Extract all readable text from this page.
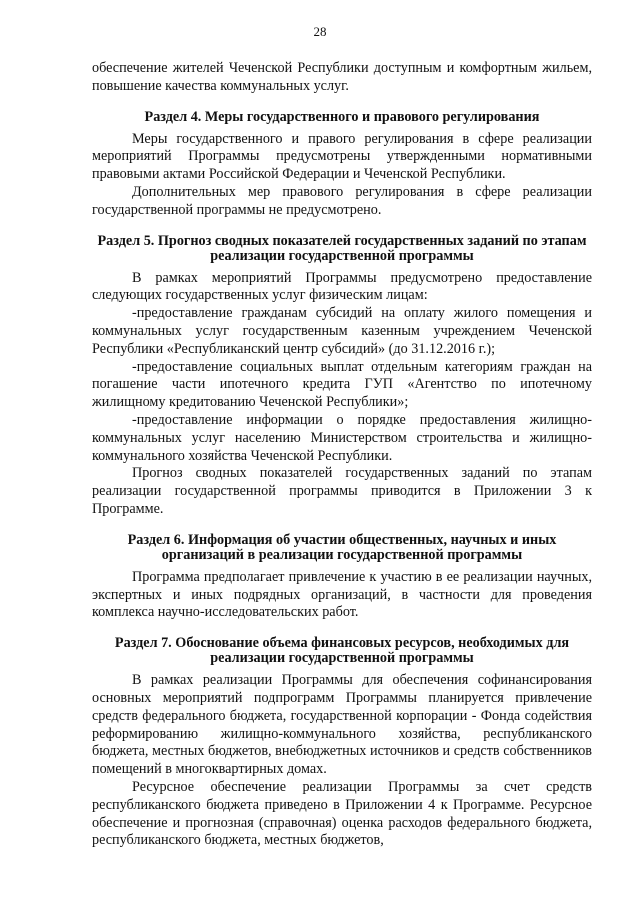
28

обеспечение жителей Чеченской Республики доступным и комфортным жильем, повышение качества коммунальных услуг.

Раздел 4. Меры государственного и правового регулирования

Меры государственного и правого регулирования в сфере реализации мероприятий Программы предусмотрены утвержденными нормативными правовыми актами Российской Федерации и Чеченской Республики.

Дополнительных мер правового регулирования в сфере реализации государственной программы не предусмотрено.

Раздел 5. Прогноз сводных показателей государственных заданий по этапам реализации государственной программы

В рамках мероприятий Программы предусмотрено предоставление следующих государственных услуг физическим лицам:

-предоставление гражданам субсидий на оплату жилого помещения и коммунальных услуг государственным казенным учреждением Чеченской Республики «Республиканский центр субсидий» (до 31.12.2016 г.);

-предоставление социальных выплат отдельным категориям граждан на погашение части ипотечного кредита ГУП «Агентство по ипотечному жилищному кредитованию Чеченской Республики»;

-предоставление информации о порядке предоставления жилищно-коммунальных услуг населению Министерством строительства и жилищно-коммунального хозяйства Чеченской Республики.

Прогноз сводных показателей государственных заданий по этапам реализации государственной программы приводится в Приложении 3 к Программе.

Раздел 6. Информация об участии общественных, научных и иных организаций в реализации государственной программы

Программа предполагает привлечение к участию в ее реализации научных, экспертных и иных подрядных организаций, в частности для проведения комплекса научно-исследовательских работ.

Раздел 7. Обоснование объема финансовых ресурсов, необходимых для реализации государственной программы

В рамках реализации Программы для обеспечения софинансирования основных мероприятий подпрограмм Программы планируется привлечение средств федерального бюджета, государственной корпорации - Фонда содействия реформированию жилищно-коммунального хозяйства, республиканского бюджета, местных бюджетов, внебюджетных источников и средств собственников помещений в многоквартирных домах.

Ресурсное обеспечение реализации Программы за счет средств республиканского бюджета приведено в Приложении 4 к Программе. Ресурсное обеспечение и прогнозная (справочная) оценка расходов федерального бюджета, республиканского бюджета, местных бюджетов,
